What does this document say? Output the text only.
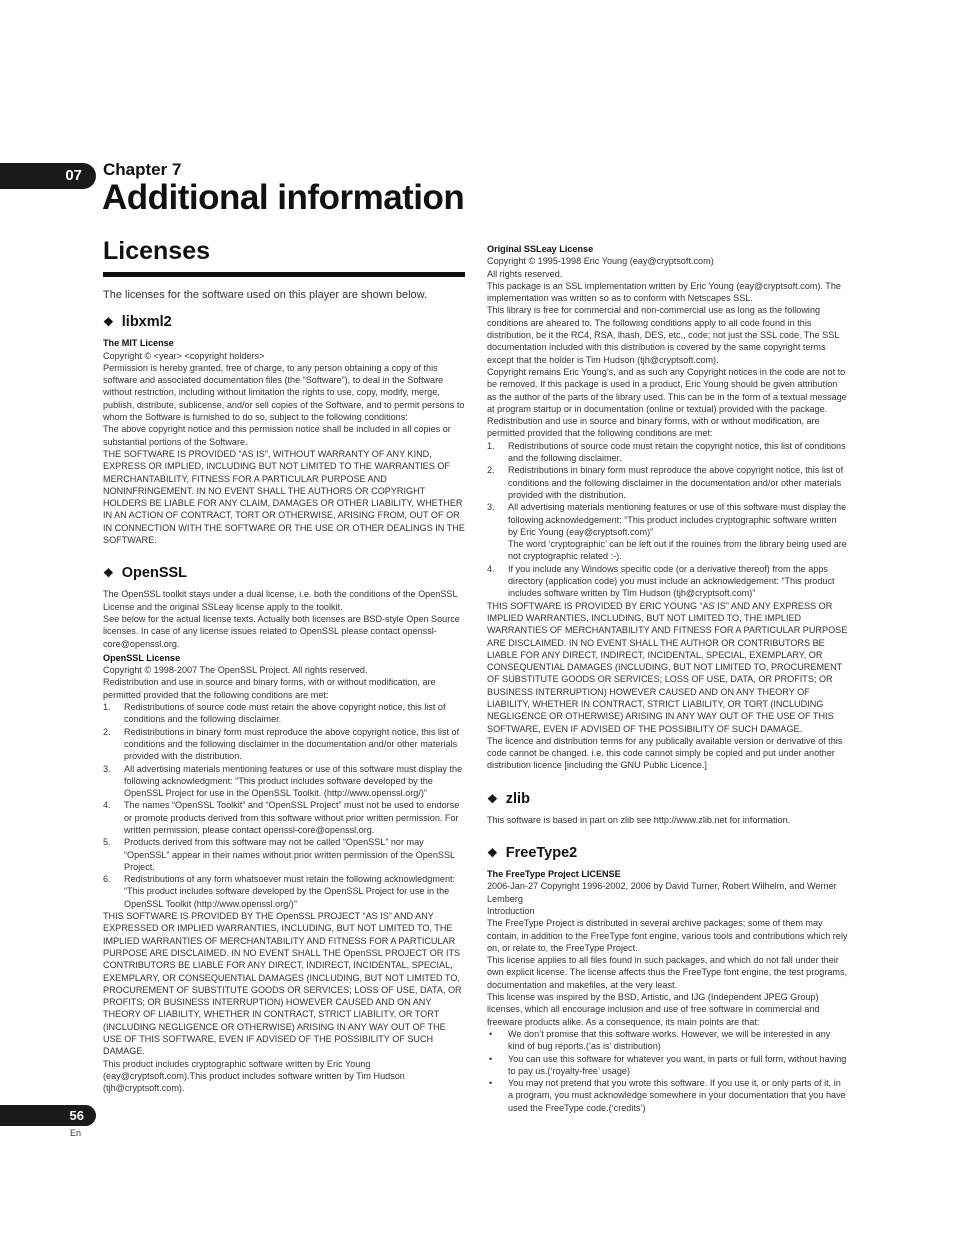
07	Chapter 7
Additional information
Licenses

The licenses for the software used on this player are shown below.

❖ libxml2
The MIT License

Copyright © <year> <copyright holders>

Permission is hereby granted, free of charge, to any person obtaining a copy of this software and associated documentation files (the “Software”), to deal in the Software without restriction, including without limitation the rights to use, copy, modify, merge, publish, distribute, sublicense, and/or sell copies of the Software, and to permit persons to whom the Software is furnished to do so, subject to the following conditions:

The above copyright notice and this permission notice shall be included in all copies or substantial portions of the Software.

THE SOFTWARE IS PROVIDED “AS IS”, WITHOUT WARRANTY OF ANY KIND, EXPRESS OR IMPLIED, INCLUDING BUT NOT LIMITED TO THE WARRANTIES OF MERCHANTABILITY, FITNESS FOR A PARTICULAR PURPOSE AND NONINFRINGEMENT. IN NO EVENT SHALL THE AUTHORS OR COPYRIGHT HOLDERS BE LIABLE FOR ANY CLAIM, DAMAGES OR OTHER LIABILITY, WHETHER IN AN ACTION OF CONTRACT, TORT OR OTHERWISE, ARISING FROM, OUT OF OR IN CONNECTION WITH THE SOFTWARE OR THE USE OR OTHER DEALINGS IN THE SOFTWARE.

❖ OpenSSL

The OpenSSL toolkit stays under a dual license, i.e. both the conditions of the OpenSSL License and the original SSLeay license apply to the toolkit.

See below for the actual license texts. Actually both licenses are BSD-style Open Source licenses. In case of any license issues related to OpenSSL please contact openssl-core@openssl.org.

OpenSSL License

Copyright © 1998-2007 The OpenSSL Project. All rights reserved.

Redistribution and use in source and binary forms, with or without modification, are permitted provided that the following conditions are met:

1. Redistributions of source code must retain the above copyright notice, this list of conditions and the following disclaimer.
2. Redistributions in binary form must reproduce the above copyright notice, this list of conditions and the following disclaimer in the documentation and/or other materials provided with the distribution.
3. All advertising materials mentioning features or use of this software must display the following acknowledgment: “This product includes software developed by the OpenSSL Project for use in the OpenSSL Toolkit. (http://www.openssl.org/)”
4. The names “OpenSSL Toolkit” and “OpenSSL Project” must not be used to endorse or promote products derived from this software without prior written permission. For written permission, please contact openssl-core@openssl.org.
5. Products derived from this software may not be called “OpenSSL” nor may “OpenSSL” appear in their names without prior written permission of the OpenSSL Project.
6. Redistributions of any form whatsoever must retain the following acknowledgment: “This product includes software developed by the OpenSSL Project for use in the OpenSSL Toolkit (http://www.openssl.org/)”

THIS SOFTWARE IS PROVIDED BY THE OpenSSL PROJECT “AS IS” AND ANY EXPRESSED OR IMPLIED WARRANTIES, INCLUDING, BUT NOT LIMITED TO, THE IMPLIED WARRANTIES OF MERCHANTABILITY AND FITNESS FOR A PARTICULAR PURPOSE ARE DISCLAIMED. IN NO EVENT SHALL THE OpenSSL PROJECT OR ITS CONTRIBUTORS BE LIABLE FOR ANY DIRECT, INDIRECT, INCIDENTAL, SPECIAL, EXEMPLARY, OR CONSEQUENTIAL DAMAGES (INCLUDING, BUT NOT LIMITED TO, PROCUREMENT OF SUBSTITUTE GOODS OR SERVICES; LOSS OF USE, DATA, OR PROFITS; OR BUSINESS INTERRUPTION) HOWEVER CAUSED AND ON ANY THEORY OF LIABILITY, WHETHER IN CONTRACT, STRICT LIABILITY, OR TORT (INCLUDING NEGLIGENCE OR OTHERWISE) ARISING IN ANY WAY OUT OF THE USE OF THIS SOFTWARE, EVEN IF ADVISED OF THE POSSIBILITY OF SUCH DAMAGE.

This product includes cryptographic software written by Eric Young (eay@cryptsoft.com).This product includes software written by Tim Hudson (tjh@cryptsoft.com).

Original SSLeay License

Copyright © 1995-1998 Eric Young (eay@cryptsoft.com)

All rights reserved.

This package is an SSL implementation written by Eric Young (eay@cryptsoft.com). The implementation was written so as to conform with Netscapes SSL.

This library is free for commercial and non-commercial use as long as the following conditions are aheared to. The following conditions apply to all code found in this distribution, be it the RC4, RSA, lhash, DES, etc., code; not just the SSL code. The SSL documentation included with this distribution is covered by the same copyright terms except that the holder is Tim Hudson (tjh@cryptsoft.com).

Copyright remains Eric Young’s, and as such any Copyright notices in the code are not to be removed. If this package is used in a product, Eric Young should be given attribution as the author of the parts of the library used. This can be in the form of a textual message at program startup or in documentation (online or textual) provided with the package.

Redistribution and use in source and binary forms, with or without modification, are permitted provided that the following conditions are met:

1. Redistributions of source code must retain the copyright notice, this list of conditions and the following disclaimer.
2. Redistributions in binary form must reproduce the above copyright notice, this list of conditions and the following disclaimer in the documentation and/or other materials provided with the distribution.
3. All advertising materials mentioning features or use of this software must display the following acknowledgement: “This product includes cryptographic software written by Eric Young (eay@cryptsoft.com)”
The word ‘cryptographic’ can be left out if the rouines from the library being used are not cryptographic related :-).
4. If you include any Windows specific code (or a derivative thereof) from the apps directory (application code) you must include an acknowledgement: “This product includes software written by Tim Hudson (tjh@cryptsoft.com)”

THIS SOFTWARE IS PROVIDED BY ERIC YOUNG “AS IS” AND ANY EXPRESS OR IMPLIED WARRANTIES, INCLUDING, BUT NOT LIMITED TO, THE IMPLIED WARRANTIES OF MERCHANTABILITY AND FITNESS FOR A PARTICULAR PURPOSE ARE DISCLAIMED. IN NO EVENT SHALL THE AUTHOR OR CONTRIBUTORS BE LIABLE FOR ANY DIRECT, INDIRECT, INCIDENTAL, SPECIAL, EXEMPLARY, OR CONSEQUENTIAL DAMAGES (INCLUDING, BUT NOT LIMITED TO, PROCUREMENT OF SUBSTITUTE GOODS OR SERVICES; LOSS OF USE, DATA, OR PROFITS; OR BUSINESS INTERRUPTION) HOWEVER CAUSED AND ON ANY THEORY OF LIABILITY, WHETHER IN CONTRACT, STRICT LIABILITY, OR TORT (INCLUDING NEGLIGENCE OR OTHERWISE) ARISING IN ANY WAY OUT OF THE USE OF THIS SOFTWARE, EVEN IF ADVISED OF THE POSSIBILITY OF SUCH DAMAGE.

The licence and distribution terms for any publically available version or derivative of this code cannot be changed. i.e. this code cannot simply be copied and put under another distribution licence [including the GNU Public Licence.]

❖ zlib

This software is based in part on zlib see http://www.zlib.net for information.

❖ FreeType2
The FreeType Project LICENSE

2006-Jan-27 Copyright 1996-2002, 2006 by David Turner, Robert Wilhelm, and Werner Lemberg

Introduction

The FreeType Project is distributed in several archive packages; some of them may contain, in addition to the FreeType font engine, various tools and contributions which rely on, or relate to, the FreeType Project.

This license applies to all files found in such packages, and which do not fall under their own explicit license. The license affects thus the FreeType font engine, the test programs, documentation and makefiles, at the very least.

This license was inspired by the BSD, Artistic, and IJG (Independent JPEG Group) licenses, which all encourage inclusion and use of free software in commercial and freeware products alike. As a consequence, its main points are that:

• We don’t promise that this software works. However, we will be interested in any kind of bug reports.(‘as is’ distribution)
• You can use this software for whatever you want, in parts or full form, without having to pay us.(‘royalty-free’ usage)
• You may not pretend that you wrote this software. If you use it, or only parts of it, in a program, you must acknowledge somewhere in your documentation that you have used the FreeType code.(‘credits’)
56
En
